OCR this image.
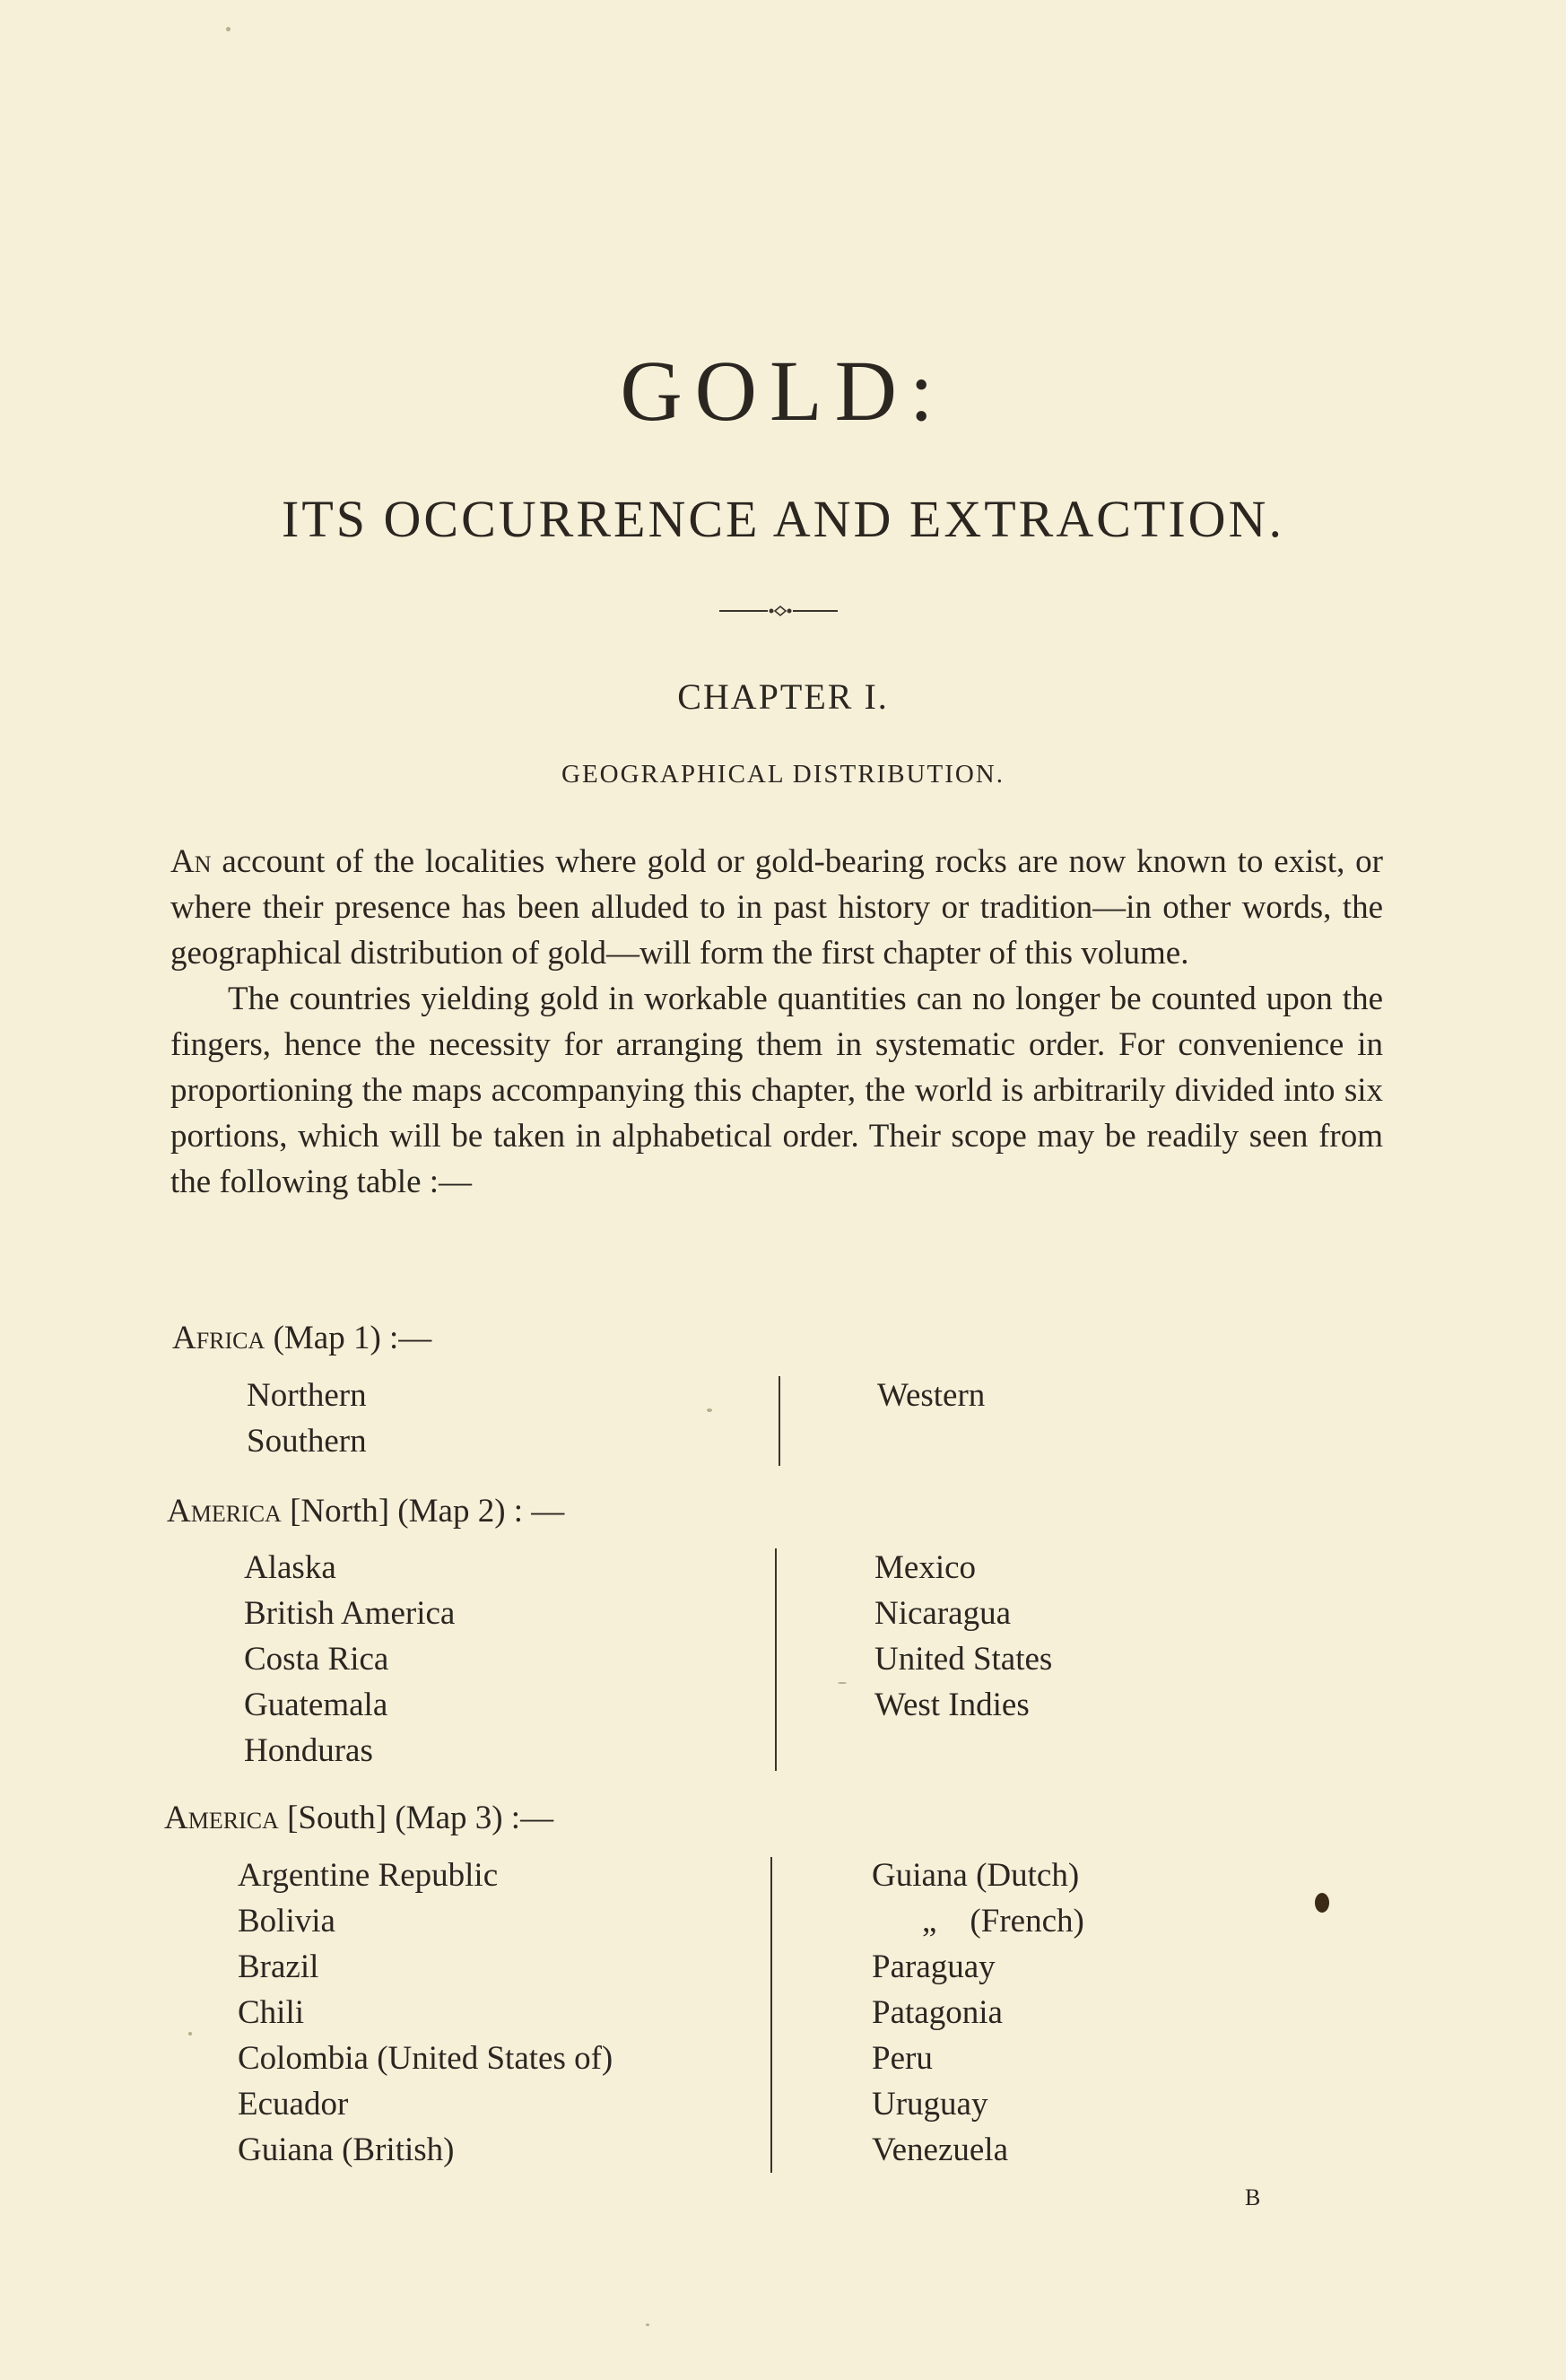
GOLD:
ITS OCCURRENCE AND EXTRACTION.
CHAPTER I.
GEOGRAPHICAL DISTRIBUTION.

An account of the localities where gold or gold-bearing rocks are now known to exist, or where their presence has been alluded to in past history or tradition—in other words, the geographical distribution of gold—will form the first chapter of this volume.

The countries yielding gold in workable quantities can no longer be counted upon the fingers, hence the necessity for arranging them in systematic order. For convenience in proportioning the maps accompanying this chapter, the world is arbitrarily divided into six portions, which will be taken in alphabetical order. Their scope may be readily seen from the following table :—

Africa (Map 1) :—
Northern
Southern
Western
America [North] (Map 2) : —
Alaska
British America
Costa Rica
Guatemala
Honduras
Mexico
Nicaragua
United States
West Indies
America [South] (Map 3) :—
Argentine Republic
Bolivia
Brazil
Chili
Colombia (United States of)
Ecuador
Guiana (British)
Guiana (Dutch)
„    (French)
Paraguay
Patagonia
Peru
Uruguay
Venezuela
B
